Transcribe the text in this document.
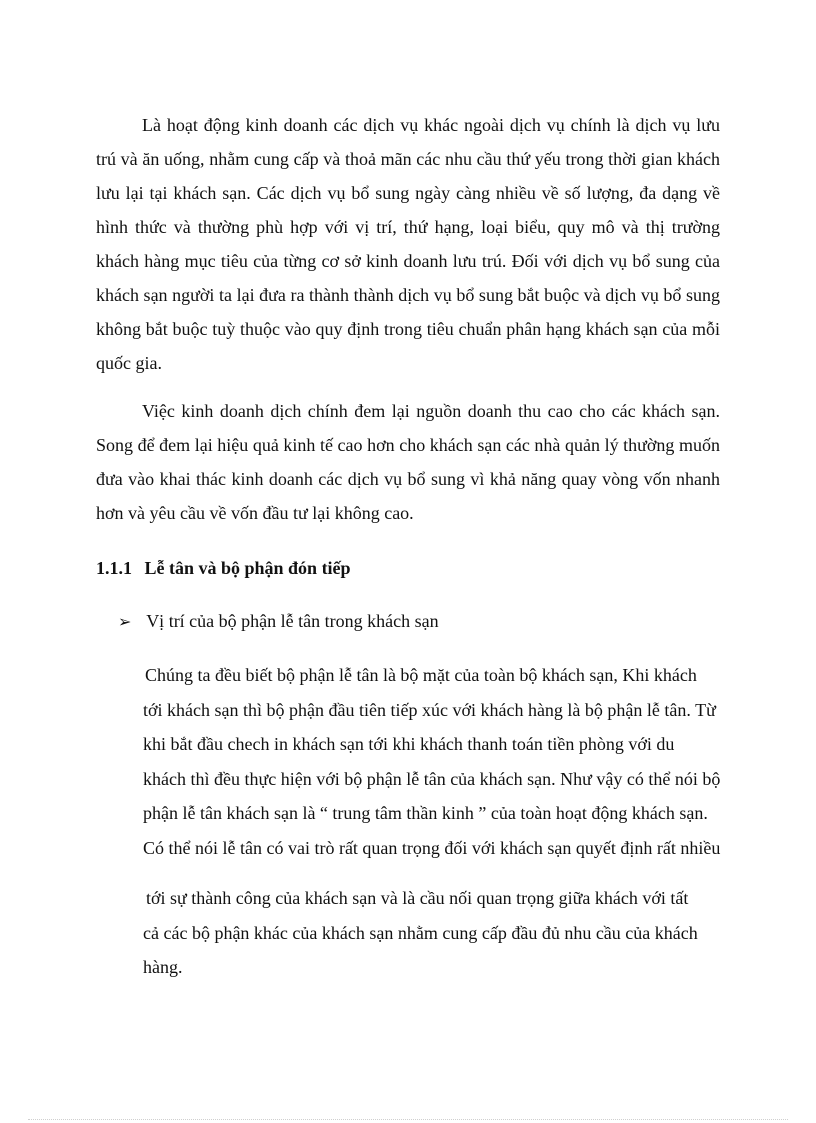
Là hoạt động kinh doanh các dịch vụ khác ngoài dịch vụ chính là dịch vụ lưu trú và ăn uống, nhằm cung cấp và thoả mãn các nhu cầu thứ yếu trong thời gian khách lưu lại tại khách sạn. Các dịch vụ bổ sung ngày càng nhiều về số lượng, đa dạng về hình thức và thường phù hợp với vị trí, thứ hạng, loại biểu, quy mô và thị trường khách hàng mục tiêu của từng cơ sở kinh doanh lưu trú. Đối với dịch vụ bổ sung của khách sạn người ta lại đưa ra thành thành dịch vụ bổ sung bắt buộc và dịch vụ bổ sung không bắt buộc tuỳ thuộc vào quy định trong tiêu chuẩn phân hạng khách sạn của mỗi quốc gia.

Việc kinh doanh dịch chính đem lại nguồn doanh thu cao cho các khách sạn. Song để đem lại hiệu quả kinh tế cao hơn cho khách sạn các nhà quản lý thường muốn đưa vào khai thác kinh doanh các dịch vụ bổ sung vì khả năng quay vòng vốn nhanh hơn và yêu cầu về vốn đầu tư lại không cao.

1.1.1 Lễ tân và bộ phận đón tiếp

➢ Vị trí của bộ phận lễ tân trong khách sạn

Chúng ta đều biết bộ phận lễ tân là bộ mặt của toàn bộ khách sạn, Khi khách
tới khách sạn thì bộ phận đầu tiên tiếp xúc với khách hàng là bộ phận lễ tân. Từ
khi bắt đầu chech in khách sạn tới khi khách thanh toán tiền phòng với du
khách thì đều thực hiện với bộ phận lễ tân của khách sạn. Như vậy có thể nói bộ
phận lễ tân khách sạn là “ trung tâm thần kinh ” của toàn hoạt động khách sạn.
Có thể nói lễ tân có vai trò rất quan trọng đối với khách sạn quyết định rất nhiều
tới sự thành công của khách sạn và là cầu nối quan trọng giữa khách với tất
cả các bộ phận khác của khách sạn nhằm cung cấp đầu đủ nhu cầu của khách
hàng.
